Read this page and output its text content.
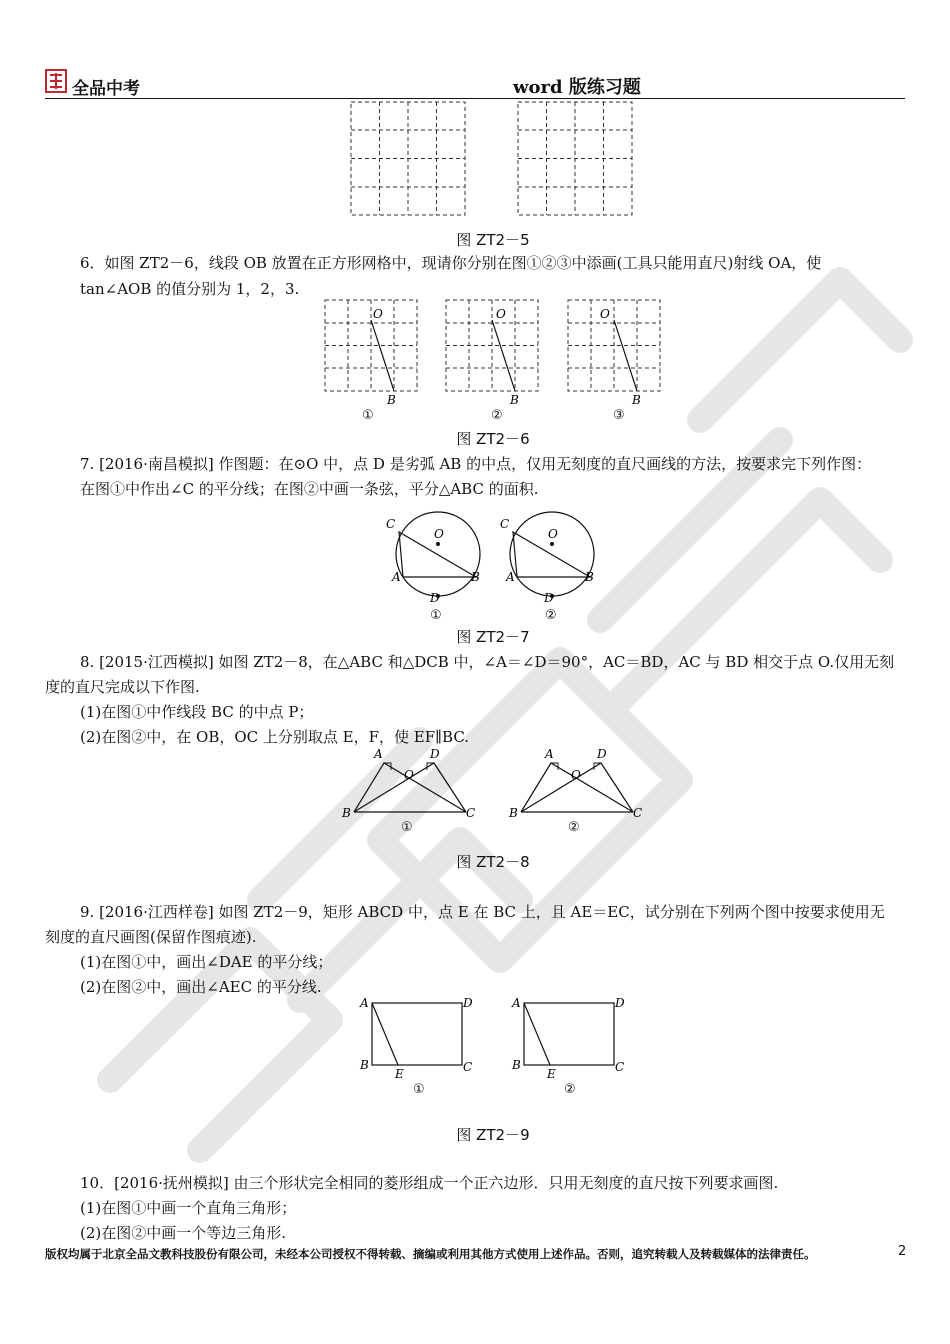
全品中考	word 版练习题
图 ZT2－5
6．如图 ZT2－6，线段 OB 放置在正方形网格中，现请你分别在图①②③中添画(工具只能用直尺)射线 OA，使
tan∠AOB 的值分别为 1，2，3.
O
B
O
B
O
B
①	②	③
图 ZT2－6
7. [2016·南昌模拟] 作图题：在⊙O 中，点 D 是劣弧 AB 的中点，仅用无刻度的直尺画线的方法，按要求完下列作图：
在图①中作出∠C 的平分线；在图②中画一条弦，平分△ABC 的面积.
C
O
A	B
D
C
O
A	B
D
①	②
图 ZT2－7
8. [2015·江西模拟] 如图 ZT2－8，在△ABC 和△DCB 中，∠A＝∠D＝90°，AC＝BD，AC 与 BD 相交于点 O.仅用无刻
度的直尺完成以下作图.
(1)在图①中作线段 BC 的中点 P；
(2)在图②中，在 OB，OC 上分别取点 E，F，使 EF∥BC.
A	D
O
B	C
A	D
O
B	C
①	②
图 ZT2－8
9. [2016·江西样卷] 如图 ZT2－9，矩形 ABCD 中，点 E 在 BC 上，且 AE＝EC，试分别在下列两个图中按要求使用无
刻度的直尺画图(保留作图痕迹).
(1)在图①中，画出∠DAE 的平分线；
(2)在图②中，画出∠AEC 的平分线.
A	D
B
E	C
A	D
B
E	C
①	②
图 ZT2－9
10．[2016·抚州模拟] 由三个形状完全相同的菱形组成一个正六边形．只用无刻度的直尺按下列要求画图.
(1)在图①中画一个直角三角形；
(2)在图②中画一个等边三角形.
版权均属于北京全品文教科技股份有限公司，未经本公司授权不得转载、摘编或利用其他方式使用上述作品。否则，追究转载人及转载媒体的法律责任。	2
